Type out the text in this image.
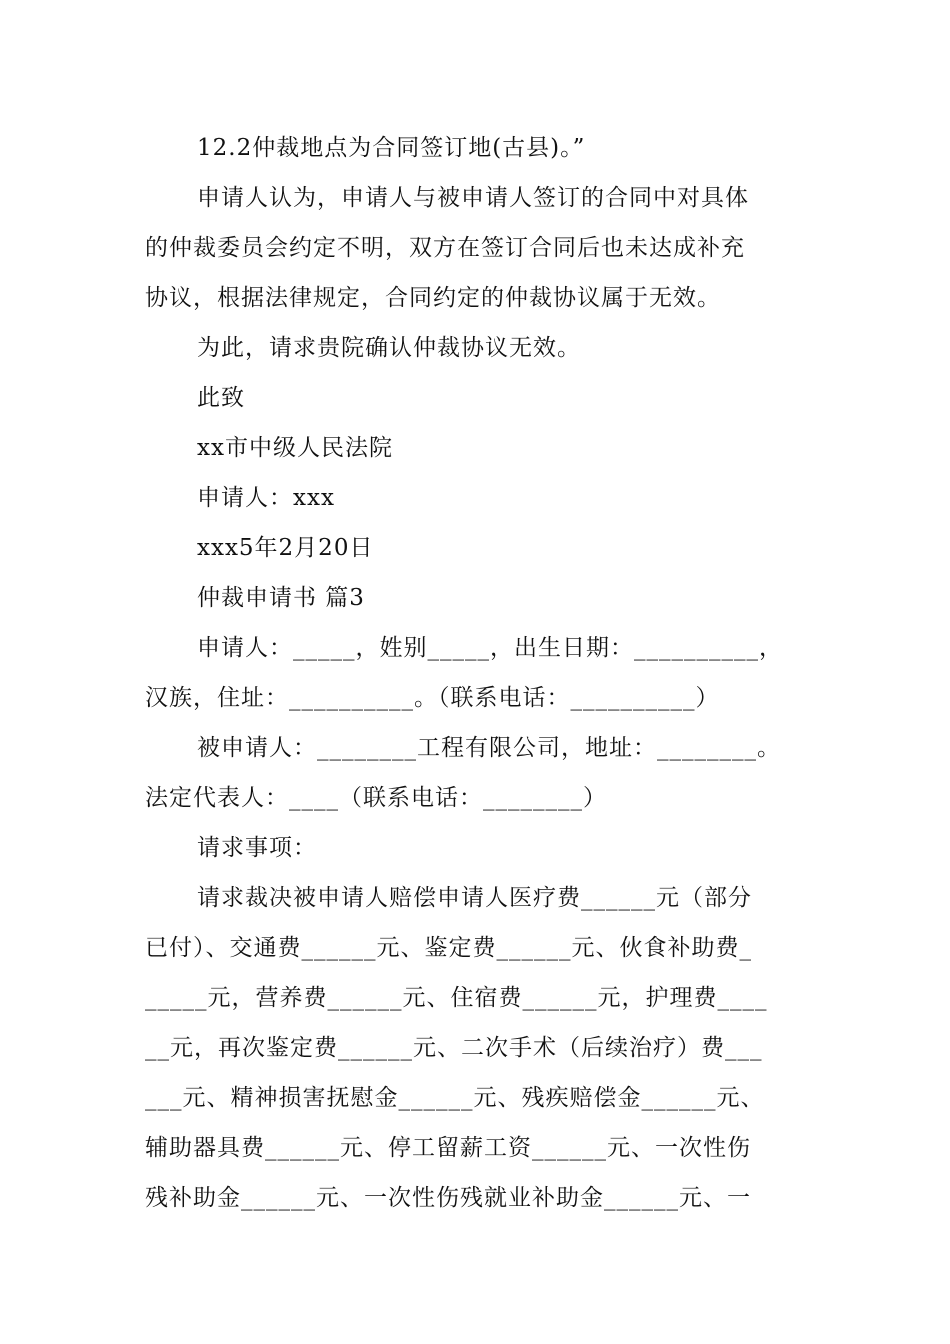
12.2仲裁地点为合同签订地(古县)。”
申请人认为，申请人与被申请人签订的合同中对具体
的仲裁委员会约定不明，双方在签订合同后也未达成补充
协议，根据法律规定，合同约定的仲裁协议属于无效。
为此，请求贵院确认仲裁协议无效。
此致
xx市中级人民法院
申请人：xxx
xxx5年2月20日
仲裁申请书 篇3
申请人：_____，姓别_____，出生日期：__________，
汉族，住址：__________。（联系电话：__________）
被申请人：________工程有限公司，地址：________。
法定代表人：____（联系电话：________）
请求事项：
请求裁决被申请人赔偿申请人医疗费______元（部分
已付）、交通费______元、鉴定费______元、伙食补助费_
_____元，营养费______元、住宿费______元，护理费____
__元，再次鉴定费______元、二次手术（后续治疗）费___
___元、精神损害抚慰金______元、残疾赔偿金______元、
辅助器具费______元、停工留薪工资______元、一次性伤
残补助金______元、一次性伤残就业补助金______元、一
